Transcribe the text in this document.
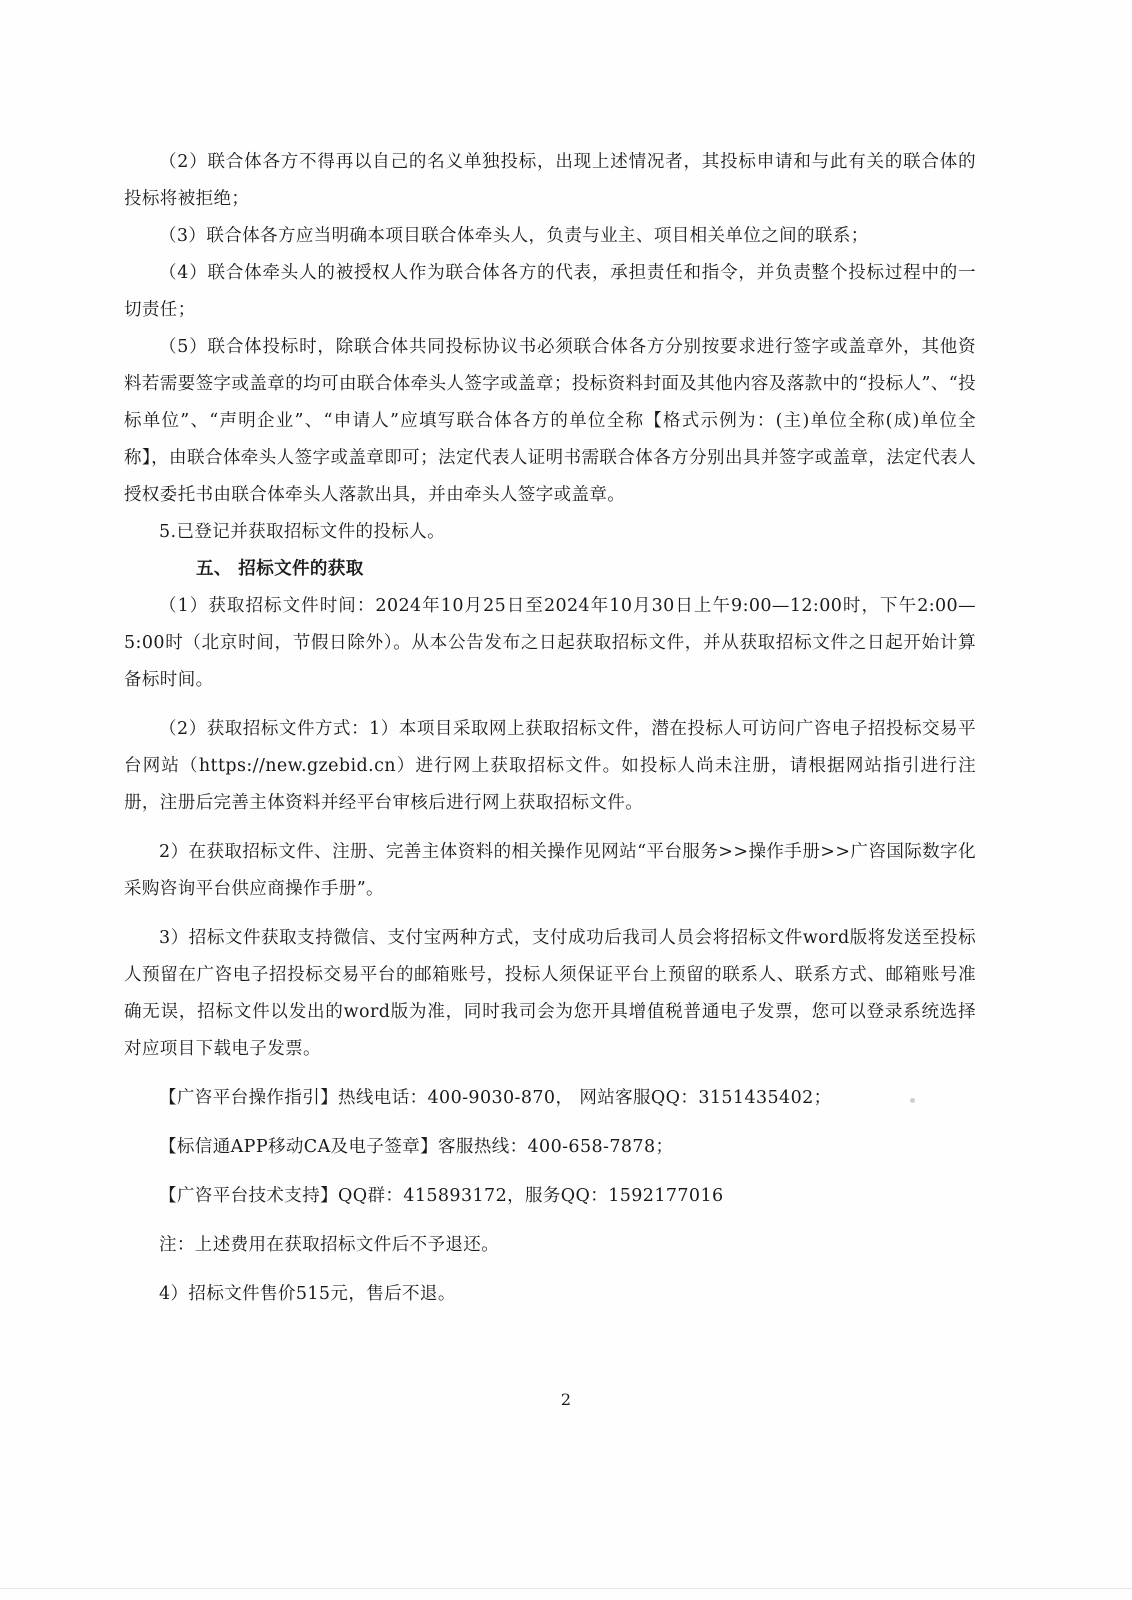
（2）联合体各方不得再以自己的名义单独投标，出现上述情况者，其投标申请和与此有关的联合体的投标将被拒绝；

（3）联合体各方应当明确本项目联合体牵头人，负责与业主、项目相关单位之间的联系；

（4）联合体牵头人的被授权人作为联合体各方的代表，承担责任和指令，并负责整个投标过程中的一切责任；

（5）联合体投标时，除联合体共同投标协议书必须联合体各方分别按要求进行签字或盖章外，其他资料若需要签字或盖章的均可由联合体牵头人签字或盖章；投标资料封面及其他内容及落款中的“投标人”、“投标单位”、“声明企业”、“申请人”应填写联合体各方的单位全称【格式示例为：(主)单位全称(成)单位全称】，由联合体牵头人签字或盖章即可；法定代表人证明书需联合体各方分别出具并签字或盖章，法定代表人授权委托书由联合体牵头人落款出具，并由牵头人签字或盖章。

5.已登记并获取招标文件的投标人。

五、 招标文件的获取

（1）获取招标文件时间：2024年10月25日至2024年10月30日上午9:00—12:00时，下午2:00—5:00时（北京时间，节假日除外）。从本公告发布之日起获取招标文件，并从获取招标文件之日起开始计算备标时间。

（2）获取招标文件方式：1）本项目采取网上获取招标文件，潜在投标人可访问广咨电子招投标交易平台网站（https://new.gzebid.cn）进行网上获取招标文件。如投标人尚未注册，请根据网站指引进行注册，注册后完善主体资料并经平台审核后进行网上获取招标文件。

2）在获取招标文件、注册、完善主体资料的相关操作见网站“平台服务>>操作手册>>广咨国际数字化采购咨询平台供应商操作手册”。

3）招标文件获取支持微信、支付宝两种方式，支付成功后我司人员会将招标文件word版将发送至投标人预留在广咨电子招投标交易平台的邮箱账号，投标人须保证平台上预留的联系人、联系方式、邮箱账号准确无误，招标文件以发出的word版为准，同时我司会为您开具增值税普通电子发票，您可以登录系统选择对应项目下载电子发票。

【广咨平台操作指引】热线电话：400-9030-870， 网站客服QQ：3151435402；

【标信通APP移动CA及电子签章】客服热线：400-658-7878；

【广咨平台技术支持】QQ群：415893172，服务QQ：1592177016

注：上述费用在获取招标文件后不予退还。

4）招标文件售价515元，售后不退。

2
